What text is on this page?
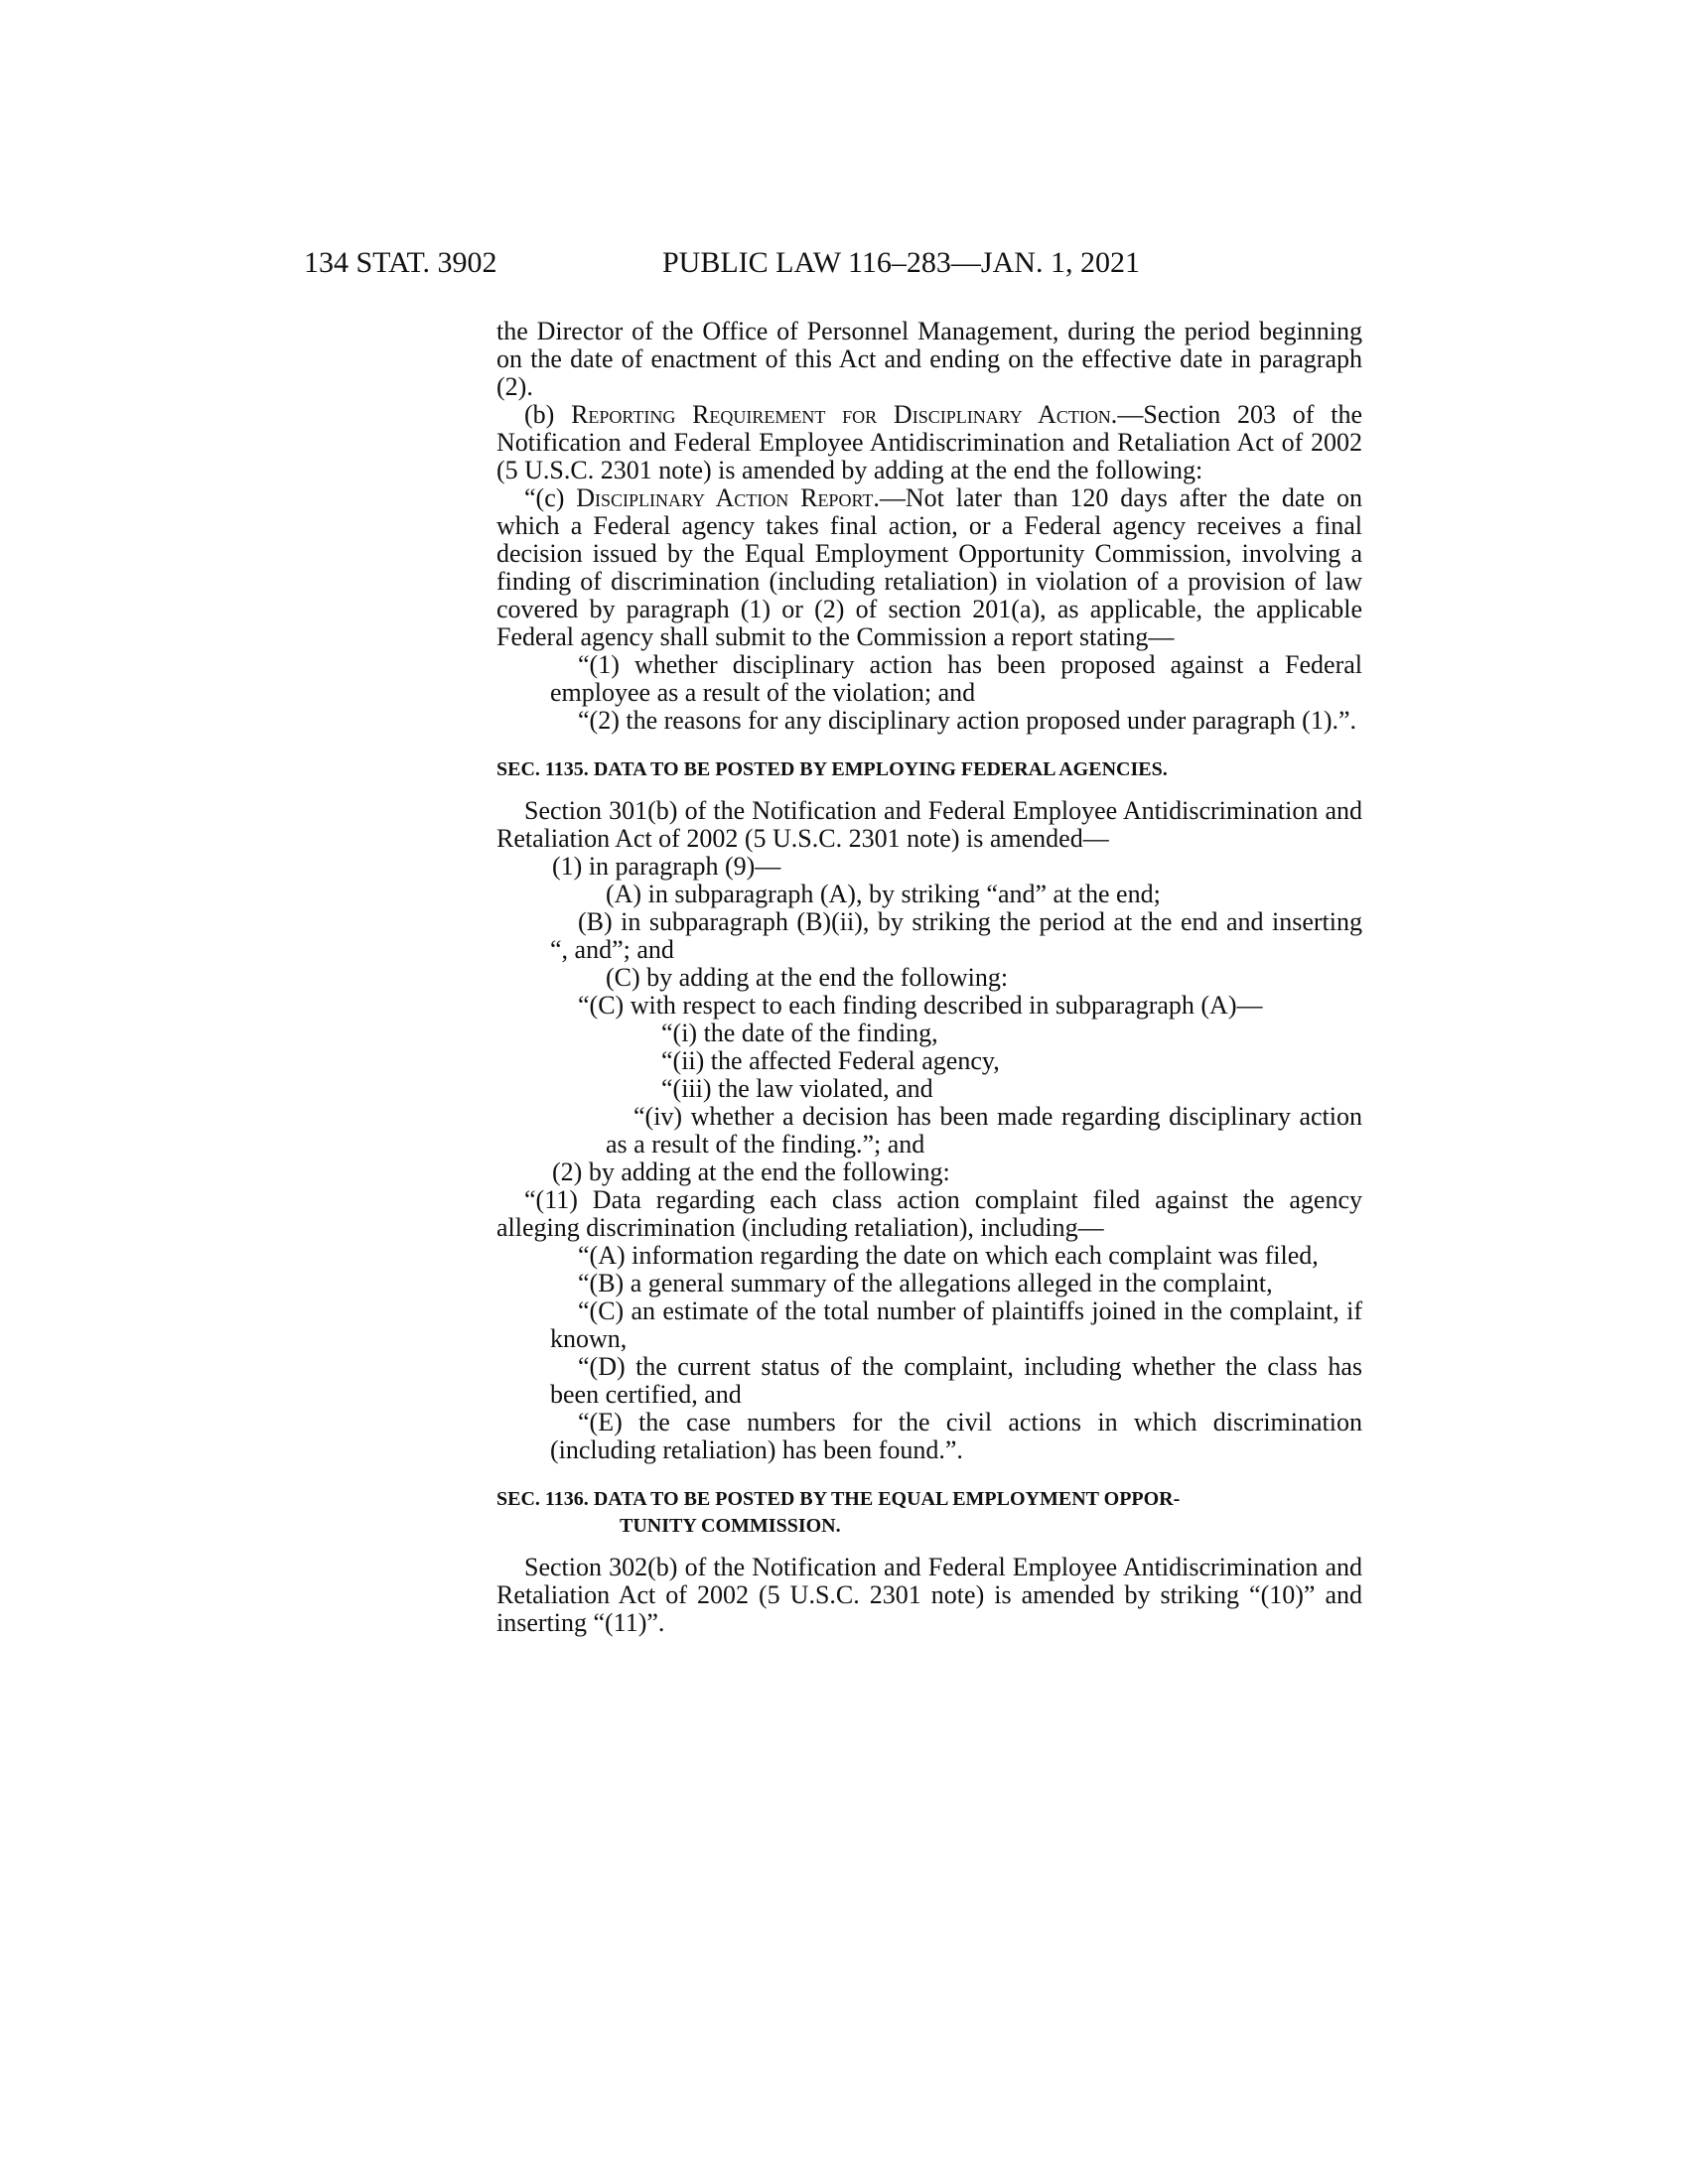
134 STAT. 3902	PUBLIC LAW 116–283—JAN. 1, 2021

the Director of the Office of Personnel Management, during the period beginning on the date of enactment of this Act and ending on the effective date in paragraph (2).

(b) Reporting Requirement for Disciplinary Action.—Section 203 of the Notification and Federal Employee Antidiscrimination and Retaliation Act of 2002 (5 U.S.C. 2301 note) is amended by adding at the end the following:

“(c) Disciplinary Action Report.—Not later than 120 days after the date on which a Federal agency takes final action, or a Federal agency receives a final decision issued by the Equal Employment Opportunity Commission, involving a finding of discrimination (including retaliation) in violation of a provision of law covered by paragraph (1) or (2) of section 201(a), as applicable, the applicable Federal agency shall submit to the Commission a report stating—

“(1) whether disciplinary action has been proposed against a Federal employee as a result of the violation; and

“(2) the reasons for any disciplinary action proposed under paragraph (1).”.

SEC. 1135. DATA TO BE POSTED BY EMPLOYING FEDERAL AGENCIES.

Section 301(b) of the Notification and Federal Employee Antidiscrimination and Retaliation Act of 2002 (5 U.S.C. 2301 note) is amended—

(1) in paragraph (9)—

(A) in subparagraph (A), by striking “and” at the end;

(B) in subparagraph (B)(ii), by striking the period at the end and inserting “, and”; and

(C) by adding at the end the following:

“(C) with respect to each finding described in subparagraph (A)—

“(i) the date of the finding,

“(ii) the affected Federal agency,

“(iii) the law violated, and

“(iv) whether a decision has been made regarding disciplinary action as a result of the finding.”; and

(2) by adding at the end the following:

“(11) Data regarding each class action complaint filed against the agency alleging discrimination (including retaliation), including—

“(A) information regarding the date on which each complaint was filed,

“(B) a general summary of the allegations alleged in the complaint,

“(C) an estimate of the total number of plaintiffs joined in the complaint, if known,

“(D) the current status of the complaint, including whether the class has been certified, and

“(E) the case numbers for the civil actions in which discrimination (including retaliation) has been found.”.

SEC. 1136. DATA TO BE POSTED BY THE EQUAL EMPLOYMENT OPPOR-
TUNITY COMMISSION.

Section 302(b) of the Notification and Federal Employee Antidiscrimination and Retaliation Act of 2002 (5 U.S.C. 2301 note) is amended by striking “(10)” and inserting “(11)”.
